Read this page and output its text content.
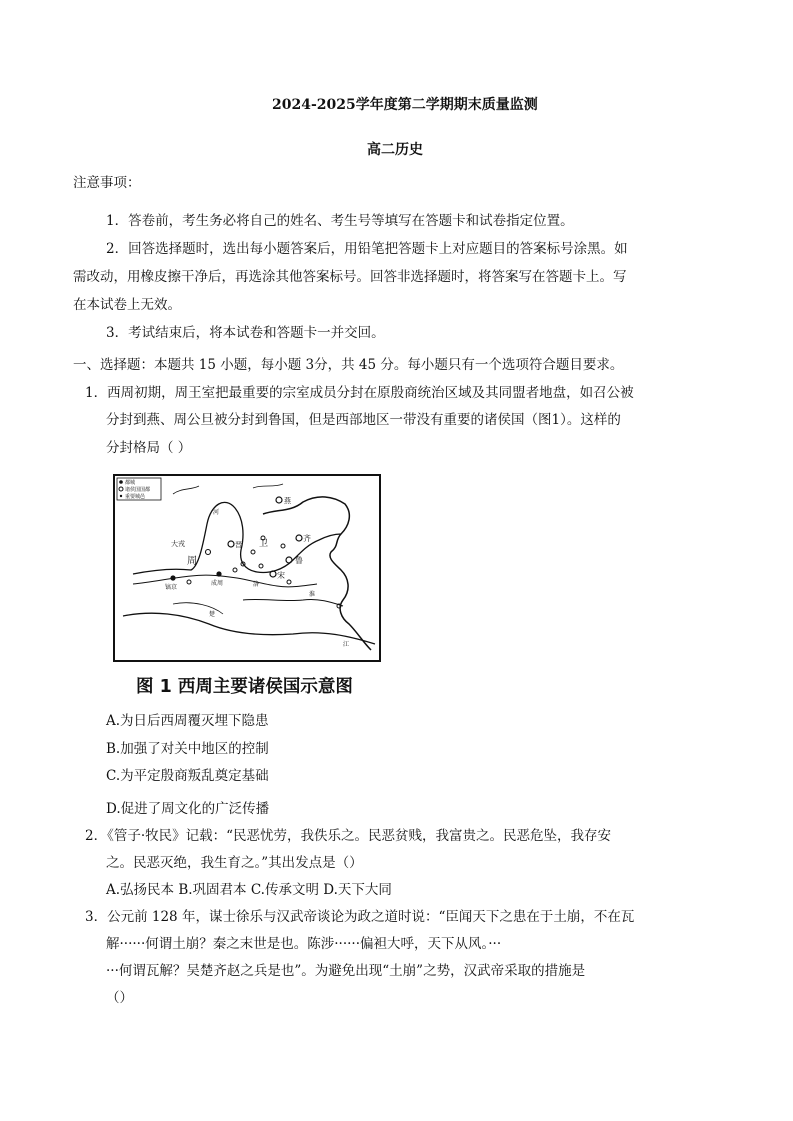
2024-2025学年度第二学期期末质量监测
高二历史
注意事项：
1．答卷前，考生务必将自己的姓名、考生号等填写在答题卡和试卷指定位置。
2．回答选择题时，选出每小题答案后，用铅笔把答题卡上对应题目的答案标号涂黑。如
需改动，用橡皮擦干净后，再选涂其他答案标号。回答非选择题时，将答案写在答题卡上。写
在本试卷上无效。
3．考试结束后，将本试卷和答题卡一并交回。
一、选择题：本题共 15 小题，每小题 3分，共 45 分。每小题只有一个选项符合题目要求。
1．西周初期，周王室把最重要的宗室成员分封在原殷商统治区域及其同盟者地盘，如召公被
分封到燕、周公旦被分封到鲁国，但是西部地区一带没有重要的诸侯国（图1）。这样的
分封格局（ ）
都城
诸侯国国都
重要城邑	燕
齐
卫
鲁
宋
周
晋
大戎
镐京
成周
楚
淮
江
河
洛
图 1 西周主要诸侯国示意图
A.为日后西周覆灭埋下隐患
B.加强了对关中地区的控制
C.为平定殷商叛乱奠定基础
D.促进了周文化的广泛传播
2．《管子·牧民》记载：“民恶忧劳，我佚乐之。民恶贫贱，我富贵之。民恶危坠，我存安
之。民恶灭绝，我生育之。”其出发点是（）
A.弘扬民本 B.巩固君本 C.传承文明 D.天下大同
3．公元前 128 年，谋士徐乐与汉武帝谈论为政之道时说：“臣闻天下之患在于土崩，不在瓦
解······何谓土崩？秦之末世是也。陈涉······偏袒大呼，天下从风。···
···何谓瓦解？吴楚齐赵之兵是也”。为避免出现“土崩”之势，汉武帝采取的措施是
（）
